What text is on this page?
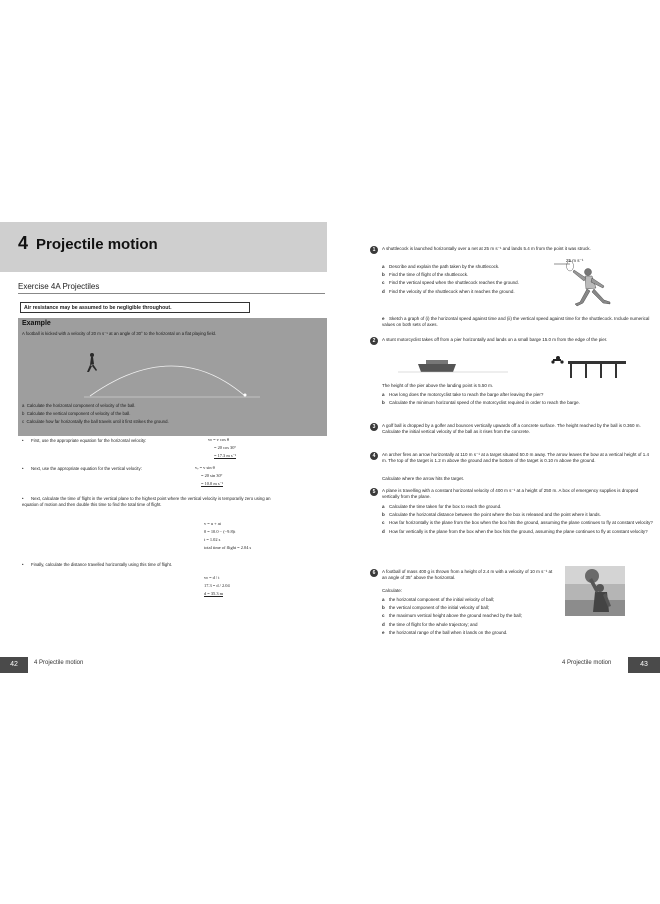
4 Projectile motion
Exercise 4A Projectiles
Air resistance may be assumed to be negligible throughout.
Example
A football is kicked with a velocity of 20 m s⁻¹ at an angle of 30° to the horizontal on a flat playing field.
a Calculate the horizontal component of velocity of the ball.
b Calculate the vertical component of velocity of the ball.
c Calculate how far horizontally the ball travels until it first strikes the ground.
• First, use the appropriate equation for the horizontal velocity:	vₕ = v cos θ
= 20 cos 30°
= 17.3 m s⁻¹
• Next, use the appropriate equation for the vertical velocity:	vᵥ = v sin θ
= 20 sin 30°
= 10.0 m s⁻¹
• Next, calculate the time of flight in the vertical plane to the highest point where the vertical velocity is temporarily zero using an equation of motion and then double this time to find the total time of flight.
v = u + at
0 = 10.0 − (−9.8)t
t = 1.02 s
total time of flight = 2.04 s
• Finally, calculate the distance travelled horizontally using this time of flight.
vₕ = d / t
17.3 = d / 2.04
d = 35.3 m
42	4 Projectile motion
1	A shuttlecock is launched horizontally over a net at 25 m s⁻¹ and lands 5.4 m from the point it was struck.
a Describe and explain the path taken by the shuttlecock.
b Find the time of flight of the shuttlecock.
c Find the vertical speed when the shuttlecock reaches the ground.
d Find the velocity of the shuttlecock when it reaches the ground.
e Sketch a graph of (i) the horizontal speed against time and (ii) the vertical speed against time for the shuttlecock. Include numerical values on both sets of axes.
25 m s⁻¹
2	A stunt motorcyclist takes off from a pier horizontally and lands on a small barge 15.0 m from the edge of the pier.
The height of the pier above the landing point is 5.50 m.
a How long does the motorcyclist take to reach the barge after leaving the pier?
b Calculate the minimum horizontal speed of the motorcyclist required in order to reach the barge.
3	A golf ball is dropped by a golfer and bounces vertically upwards off a concrete surface. The height reached by the ball is 0.360 m. Calculate the initial vertical velocity of the ball as it rises from the concrete.
4	An archer fires an arrow horizontally at 110 m s⁻¹ at a target situated 50.0 m away. The arrow leaves the bow at a vertical height of 1.4 m. The top of the target is 1.2 m above the ground and the bottom of the target is 0.10 m above the ground.
Calculate where the arrow hits the target.
5	A plane is travelling with a constant horizontal velocity of 400 m s⁻¹ at a height of 250 m. A box of emergency supplies is dropped vertically from the plane.
a Calculate the time taken for the box to reach the ground.
b Calculate the horizontal distance between the point where the box is released and the point where it lands.
c How far horizontally is the plane from the box when the box hits the ground, assuming the plane continues to fly at constant velocity?
d How far vertically is the plane from the box when the box hits the ground, assuming the plane continues to fly at constant velocity?
6	A football of mass 400 g is thrown from a height of 2.4 m with a velocity of 10 m s⁻¹ at an angle of 35° above the horizontal.
Calculate:
a the horizontal component of the initial velocity of ball;
b the vertical component of the initial velocity of ball;
c the maximum vertical height above the ground reached by the ball;
d the time of flight for the whole trajectory; and
e the horizontal range of the ball when it lands on the ground.
4 Projectile motion	43
